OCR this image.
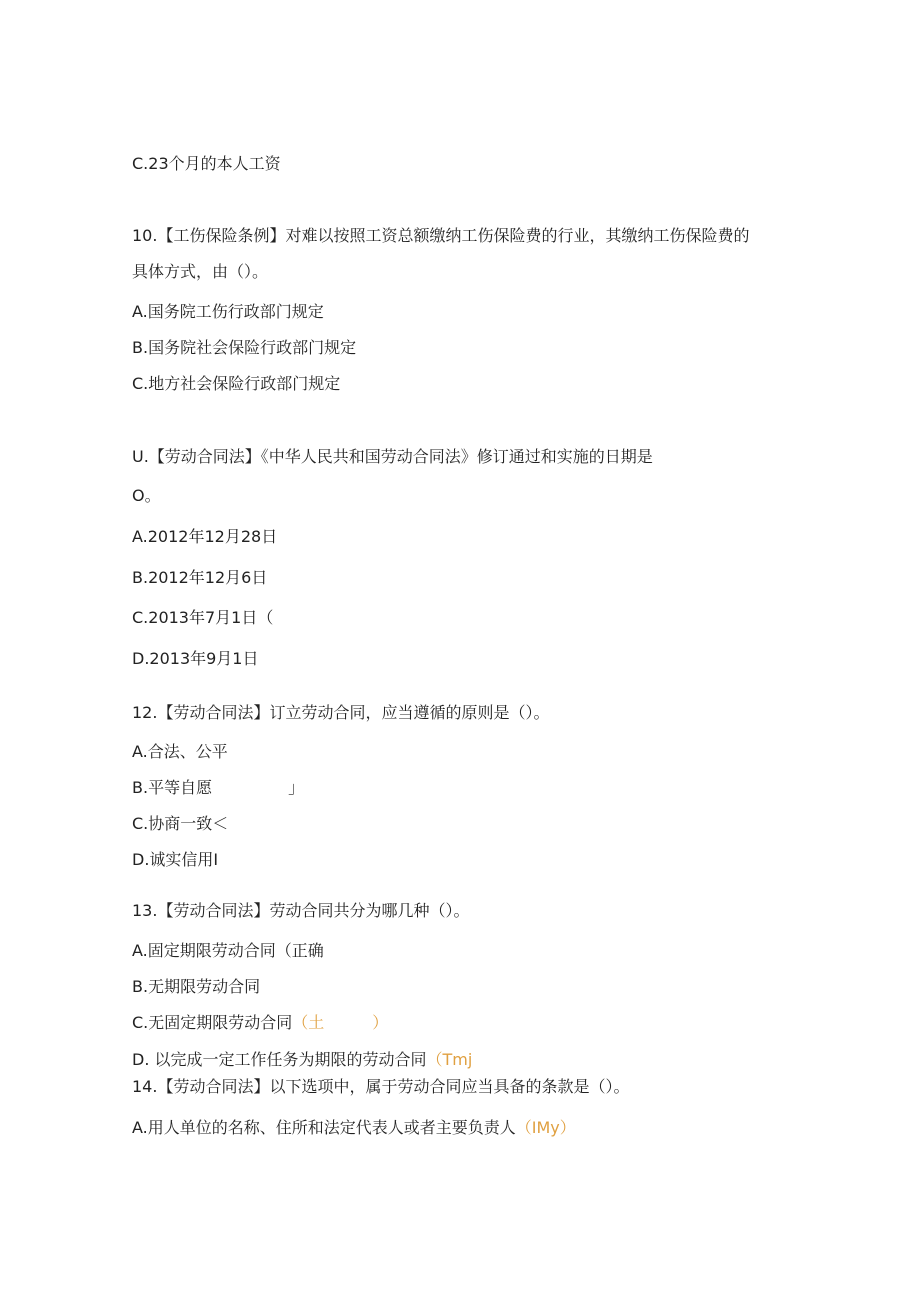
C.23个月的本人工资
10.【工伤保险条例】对难以按照工资总额缴纳工伤保险费的行业，其缴纳工伤保险费的
具体方式，由（）。
A.国务院工伤行政部门规定
B.国务院社会保险行政部门规定
C.地方社会保险行政部门规定
U.【劳动合同法】《中华人民共和国劳动合同法》修订通过和实施的日期是
O。
A.2012年12月28日
B.2012年12月6日
C.2013年7月1日（
D.2013年9月1日
12.【劳动合同法】订立劳动合同，应当遵循的原则是（）。
A.合法、公平
B.平等自愿	」
C.协商一致＜
D.诚实信用I
13.【劳动合同法】劳动合同共分为哪几种（）。
A.固定期限劳动合同（正确
B.无期限劳动合同
C.无固定期限劳动合同（土　　　）
D. 以完成一定工作任务为期限的劳动合同（Tmj
14.【劳动合同法】以下选项中，属于劳动合同应当具备的条款是（）。
A.用人单位的名称、住所和法定代表人或者主要负责人（IMy）
